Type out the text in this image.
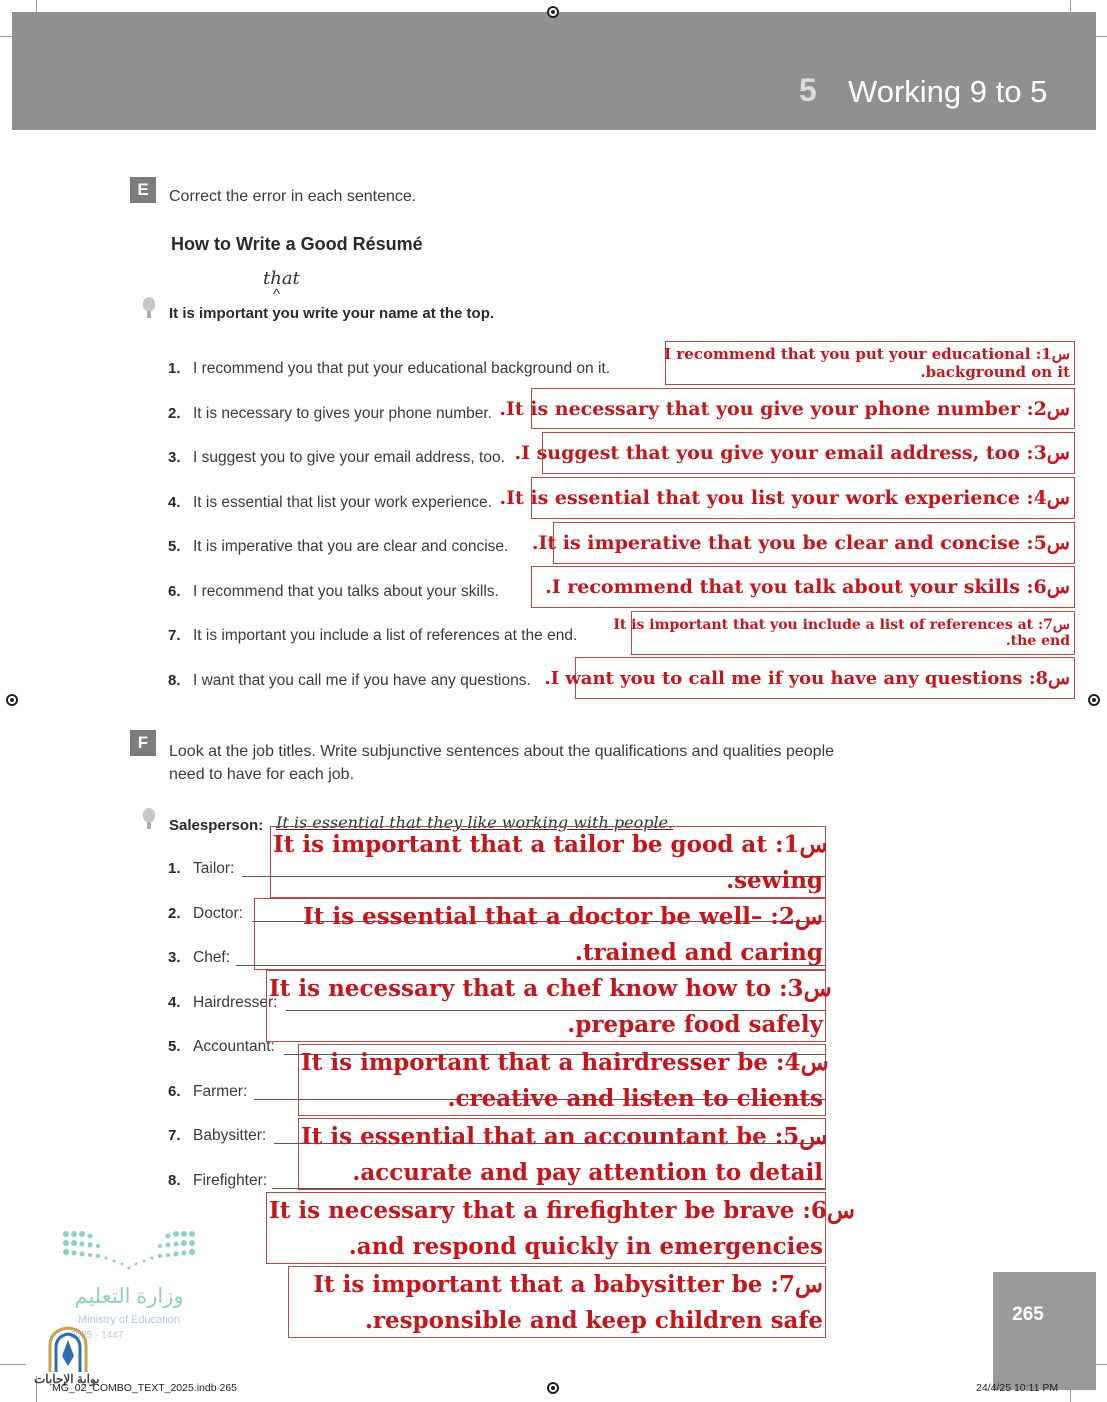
5 Working 9 to 5
E	Correct the error in each sentence.
How to Write a Good Résumé
that
^
It is important you write your name at the top.
1. I recommend you that put your educational background on it.
I recommend that you put your educational :1س
.background on it
2. It is necessary to gives your phone number. .It is necessary that you give your phone number :2س
3. I suggest you to give your email address, too. .I suggest that you give your email address, too :3س
4. It is essential that list your work experience. .It is essential that you list your work experience :4س
5. It is imperative that you are clear and concise. .It is imperative that you be clear and concise :5س
6. I recommend that you talks about your skills.	.I recommend that you talk about your skills :6س
7. It is important you include a list of references at the end.
It is important that you include a list of references at :7س
.the end
8. I want that you call me if you have any questions. .I want you to call me if you have any questions :8س
F	Look at the job titles. Write subjunctive sentences about the qualifications and qualities people
need to have for each job.
Salesperson: It is essential that they like working with people.
1. Tailor:
2. Doctor:
3. Chef:
4. Hairdresser:
5. Accountant:
6. Farmer:
7. Babysitter:
8. Firefighter:
It is important that a tailor be good at :1س
.sewing
It is essential that a doctor be well– :2س
.trained and caring
It is necessary that a chef know how to :3س
.prepare food safely
It is important that a hairdresser be :4س
.creative and listen to clients
It is essential that an accountant be :5س
.accurate and pay attention to detail
It is necessary that a firefighter be brave :6س
.and respond quickly in emergencies
It is important that a babysitter be :7س
.responsible and keep children safe
وزارة التعليم
Ministry of Education
2025 - 1447
بوابة الإجابات
265
MG_02_COMBO_TEXT_2025.indb 265	24/4/25 10:11 PM
